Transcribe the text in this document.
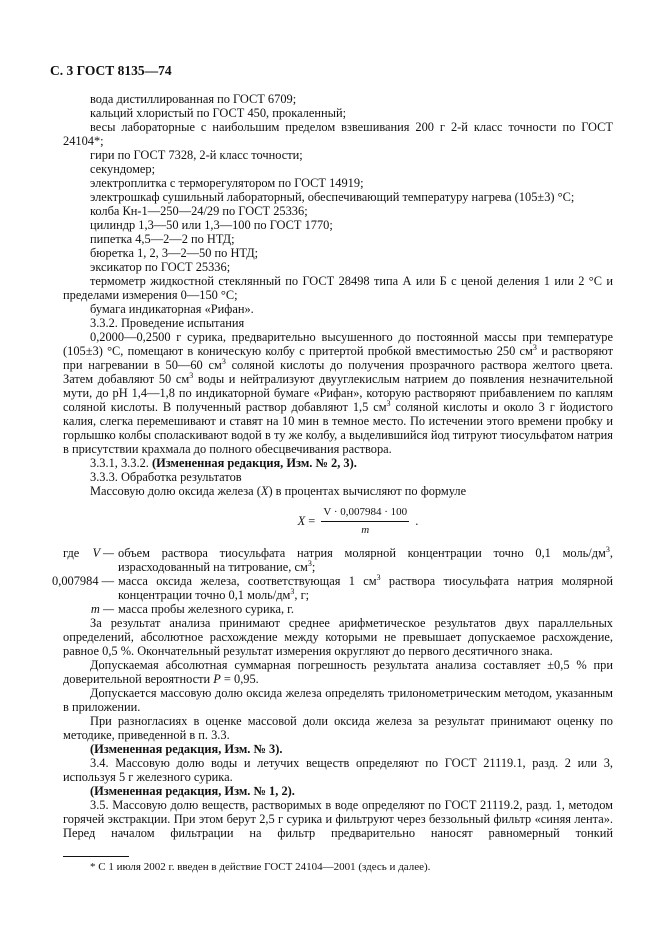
С. 3 ГОСТ 8135—74

вода дистиллированная по ГОСТ 6709;

кальций хлористый по ГОСТ 450, прокаленный;

весы лабораторные с наибольшим пределом взвешивания 200 г 2-й класс точности по ГОСТ 24104*;

гири по ГОСТ 7328, 2-й класс точности;

секундомер;

электроплитка с терморегулятором по ГОСТ 14919;

электрошкаф сушильный лабораторный, обеспечивающий температуру нагрева (105±3) °С;

колба Кн-1—250—24/29 по ГОСТ 25336;

цилиндр 1,3—50 или 1,3—100 по ГОСТ 1770;

пипетка 4,5—2—2 по НТД;

бюретка 1, 2, 3—2—50 по НТД;

эксикатор по ГОСТ 25336;

термометр жидкостной стеклянный по ГОСТ 28498 типа А или Б с ценой деления 1 или 2 °С и пределами измерения 0—150 °С;

бумага индикаторная «Рифан».

3.3.2. Проведение испытания

0,2000—0,2500 г сурика, предварительно высушенного до постоянной массы при температуре (105±3) °С, помещают в коническую колбу с притертой пробкой вместимостью 250 $см^3$ и растворяют при нагревании в 50—60 $см^3$ соляной кислоты до получения прозрачного раствора желтого цвета. Затем добавляют 50 $см^3$ воды и нейтрализуют двууглекислым натрием до появления незначительной мути, до рН 1,4—1,8 по индикаторной бумаге «Рифан», которую растворяют прибавлением по каплям соляной кислоты. В полученный раствор добавляют 1,5 $см^3$ соляной кислоты и около 3 г йодистого калия, слегка перемешивают и ставят на 10 мин в темное место. По истечении этого времени пробку и горлышко колбы споласкивают водой в ту же колбу, а выделившийся йод титруют тиосульфатом натрия в присутствии крахмала до полного обесцвечивания раствора.

3.3.1, 3.3.2. (Измененная редакция, Изм. № 2, 3).

3.3.3. Обработка результатов

Массовую долю оксида железа (X) в процентах вычисляют по формуле

$X = \frac{V \cdot 0,007984 \cdot 100}{m}$ .
где V — объем раствора тиосульфата натрия молярной концентрации точно 0,1 моль/$дм^3$, израсходованный на титрование, $см^3$;
0,007984 — масса оксида железа, соответствующая 1 $см^3$ раствора тиосульфата натрия молярной концентрации точно 0,1 моль/$дм^3$, г;
m — масса пробы железного сурика, г.

За результат анализа принимают среднее арифметическое результатов двух параллельных определений, абсолютное расхождение между которыми не превышает допускаемое расхождение, равное 0,5 %. Окончательный результат измерения округляют до первого десятичного знака.

Допускаемая абсолютная суммарная погрешность результата анализа составляет ±0,5 % при доверительной вероятности P = 0,95.

Допускается массовую долю оксида железа определять трилонометрическим методом, указанным в приложении.

При разногласиях в оценке массовой доли оксида железа за результат принимают оценку по методике, приведенной в п. 3.3.

(Измененная редакция, Изм. № 3).

3.4. Массовую долю воды и летучих веществ определяют по ГОСТ 21119.1, разд. 2 или 3, используя 5 г железного сурика.

(Измененная редакция, Изм. № 1, 2).

3.5. Массовую долю веществ, растворимых в воде определяют по ГОСТ 21119.2, разд. 1, методом горячей экстракции. При этом берут 2,5 г сурика и фильтруют через беззольный фильтр «синяя лента». Перед началом фильтрации на фильтр предварительно наносят равномерный тонкий

* С 1 июля 2002 г. введен в действие ГОСТ 24104—2001 (здесь и далее).
